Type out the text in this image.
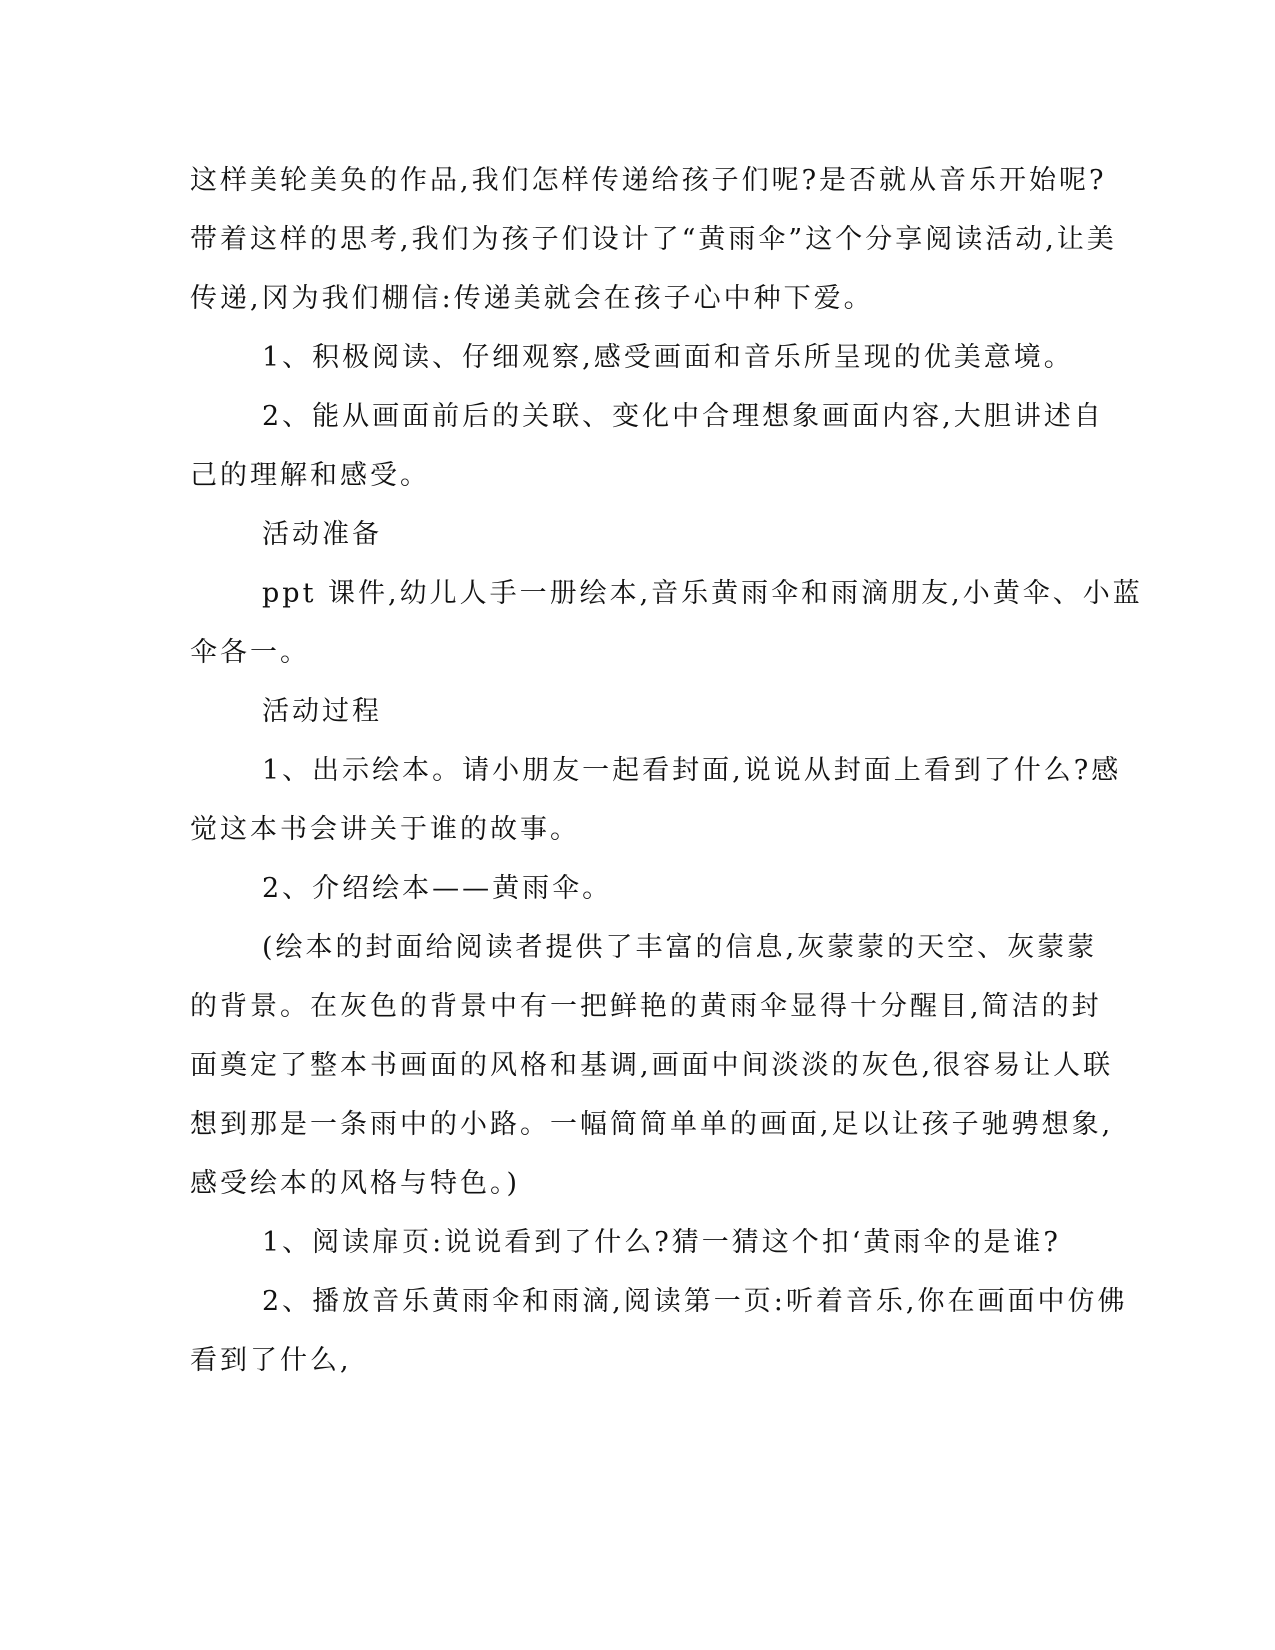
这样美轮美奂的作品,我们怎样传递给孩子们呢?是否就从音乐开始呢?
带着这样的思考,我们为孩子们设计了“黄雨伞”这个分享阅读活动,让美
传递,冈为我们棚信:传递美就会在孩子心中种下爱。
1、积极阅读、仔细观察,感受画面和音乐所呈现的优美意境。
2、能从画面前后的关联、变化中合理想象画面内容,大胆讲述自
己的理解和感受。
活动准备
ppt 课件,幼儿人手一册绘本,音乐黄雨伞和雨滴朋友,小黄伞、小蓝
伞各一。
活动过程
1、出示绘本。请小朋友一起看封面,说说从封面上看到了什么?感
觉这本书会讲关于谁的故事。
2、介绍绘本——黄雨伞。
(绘本的封面给阅读者提供了丰富的信息,灰蒙蒙的天空、灰蒙蒙
的背景。在灰色的背景中有一把鲜艳的黄雨伞显得十分醒目,简洁的封
面奠定了整本书画面的风格和基调,画面中间淡淡的灰色,很容易让人联
想到那是一条雨中的小路。一幅简简单单的画面,足以让孩子驰骋想象,
感受绘本的风格与特色。)
1、阅读扉页:说说看到了什么?猜一猜这个扣‘黄雨伞的是谁?
2、播放音乐黄雨伞和雨滴,阅读第一页:听着音乐,你在画面中仿佛
看到了什么,
